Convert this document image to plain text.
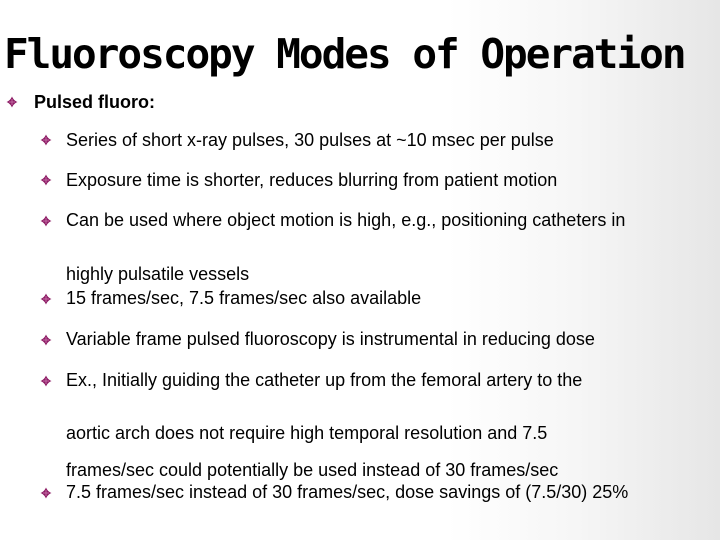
Fluoroscopy Modes of Operation

Pulsed fluoro:

Series of short x-ray pulses, 30 pulses at ~10 msec per pulse

Exposure time is shorter, reduces blurring from patient motion

Can be used where object motion is high, e.g., positioning catheters in

highly pulsatile vessels

15 frames/sec, 7.5 frames/sec also available

Variable frame pulsed fluoroscopy is instrumental in reducing dose

Ex., Initially guiding the catheter up from the femoral artery to the

aortic arch does not require high temporal resolution and 7.5

frames/sec could potentially be used instead of 30 frames/sec

7.5 frames/sec instead of 30 frames/sec, dose savings of (7.5/30) 25%
